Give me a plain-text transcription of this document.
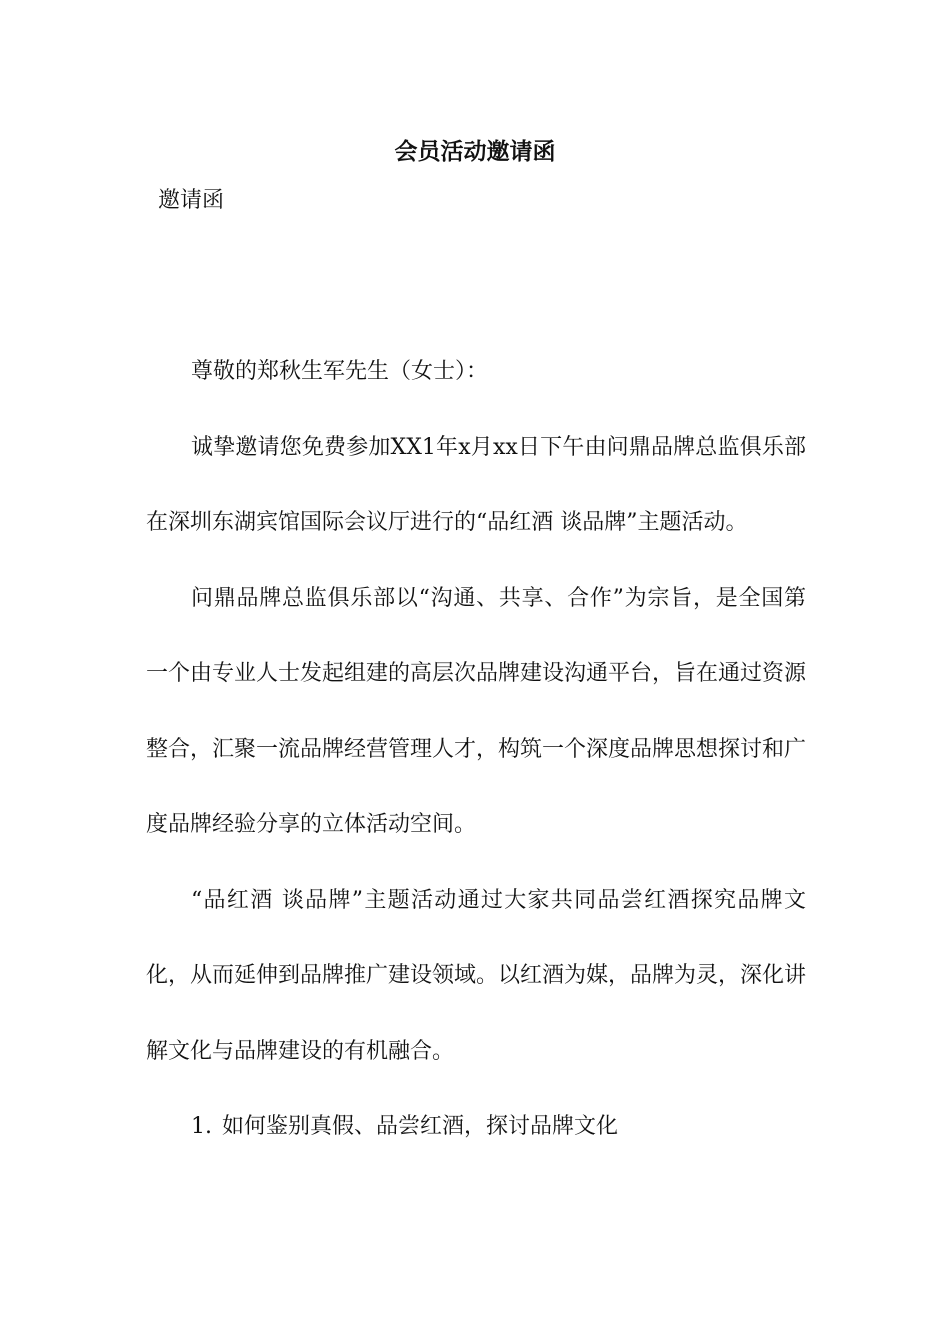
会员活动邀请函

邀请函

尊敬的郑秋生军先生（女士）：

诚挚邀请您免费参加XX1年x月xx日下午由问鼎品牌总监俱乐部在深圳东湖宾馆国际会议厅进行的“品红酒 谈品牌”主题活动。

问鼎品牌总监俱乐部以“沟通、共享、合作”为宗旨，是全国第一个由专业人士发起组建的高层次品牌建设沟通平台，旨在通过资源整合，汇聚一流品牌经营管理人才，构筑一个深度品牌思想探讨和广度品牌经验分享的立体活动空间。

“品红酒 谈品牌”主题活动通过大家共同品尝红酒探究品牌文化，从而延伸到品牌推广建设领域。以红酒为媒，品牌为灵，深化讲解文化与品牌建设的有机融合。

1. 如何鉴别真假、品尝红酒，探讨品牌文化
